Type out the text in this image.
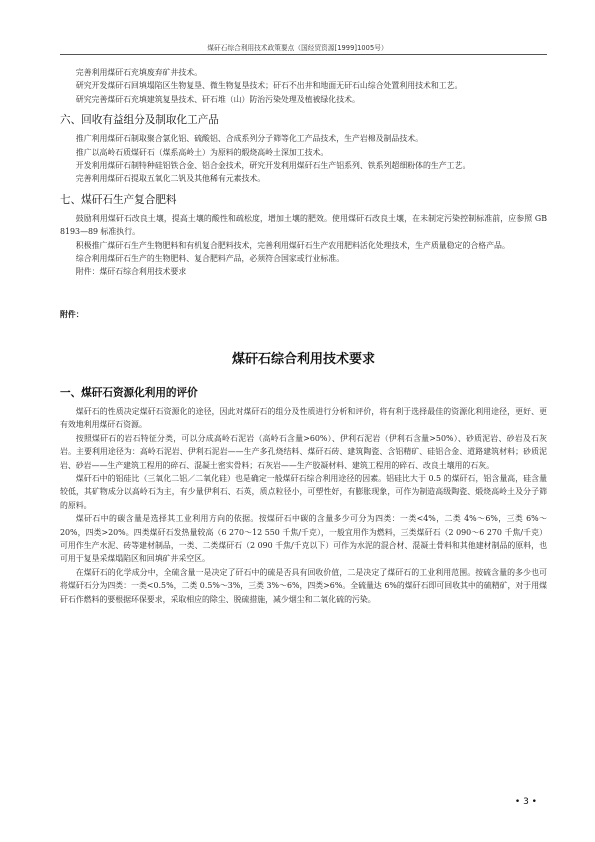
煤矸石综合利用技术政策要点（国经贸资源[1999]1005号）

完善利用煤矸石充填废弃矿井技术。

研究开发煤矸石回填塌陷区生物复垦、微生物复垦技术；矸石不出井和地面无矸石山综合处置利用技术和工艺。

研究完善煤矸石充填建筑复垦技术、矸石堆（山）防治污染处理及植被绿化技术。

六、回收有益组分及制取化工产品

推广利用煤矸石制取聚合氯化铝、硫酸铝、合成系列分子筛等化工产品技术，生产岩棉及制品技术。

推广以高岭石质煤矸石（煤系高岭土）为原料的煅烧高岭土深加工技术。

开发利用煤矸石制特种硅铝铁合金、铝合金技术，研究开发利用煤矸石生产铝系列、铁系列超细粉体的生产工艺。

完善利用煤矸石提取五氧化二钒及其他稀有元素技术。

七、煤矸石生产复合肥料

鼓励利用煤矸石改良土壤，提高土壤的酸性和疏松度，增加土壤的肥效。使用煤矸石改良土壤，在未制定污染控制标准前，应参照 GB 8193—89 标准执行。

积极推广煤矸石生产生物肥料和有机复合肥料技术，完善利用煤矸石生产农用肥料活化处理技术，生产质量稳定的合格产品。

综合利用煤矸石生产的生物肥料、复合肥料产品，必须符合国家或行业标准。

附件：煤矸石综合利用技术要求

附件：
煤矸石综合利用技术要求
一、煤矸石资源化利用的评价

煤矸石的性质决定煤矸石资源化的途径，因此对煤矸石的组分及性质进行分析和评价，将有利于选择最佳的资源化利用途径，更好、更有效地利用煤矸石资源。

按照煤矸石的岩石特征分类，可以分成高岭石泥岩（高岭石含量>60%）、伊利石泥岩（伊利石含量>50%）、砂质泥岩、砂岩及石灰岩。主要利用途径为：高岭石泥岩、伊利石泥岩——生产多孔烧结料、煤矸石砖、建筑陶瓷、含铝精矿、硅铝合金、道路建筑材料；砂质泥岩、砂岩——生产建筑工程用的碎石、混凝土密实骨料；石灰岩——生产胶凝材料、建筑工程用的碎石、改良土壤用的石灰。

煤矸石中的铝硅比（三氧化二铝／二氧化硅）也是确定一般煤矸石综合利用途径的因素。铝硅比大于 0.5 的煤矸石，铝含量高，硅含量较低，其矿物成分以高岭石为主，有少量伊利石、石英，质点粒径小，可塑性好，有膨胀现象，可作为制造高级陶瓷、煅烧高岭土及分子筛的原料。

煤矸石中的碳含量是选择其工业利用方向的依据。按煤矸石中碳的含量多少可分为四类：一类<4%，二类 4%～6%，三类 6%～20%，四类>20%。四类煤矸石发热量较高（6 270～12 550 千焦/千克），一般宜用作为燃料，三类煤矸石（2 090～6 270 千焦/千克）可用作生产水泥、砖等建材制品，一类、二类煤矸石（2 090 千焦/千克以下）可作为水泥的混合材、混凝土骨料和其他建材制品的原料，也可用于复垦采煤塌陷区和回填矿井采空区。

在煤矸石的化学成分中，全硫含量一是决定了矸石中的硫是否具有回收价值，二是决定了煤矸石的工业利用范围。按硫含量的多少也可将煤矸石分为四类：一类<0.5%，二类 0.5%～3%，三类 3%～6%，四类>6%。全硫量达 6%的煤矸石即可回收其中的硫精矿，对于用煤矸石作燃料的要根据环保要求，采取相应的除尘、脱硫措施，减少烟尘和二氧化硫的污染。

• 3 •
